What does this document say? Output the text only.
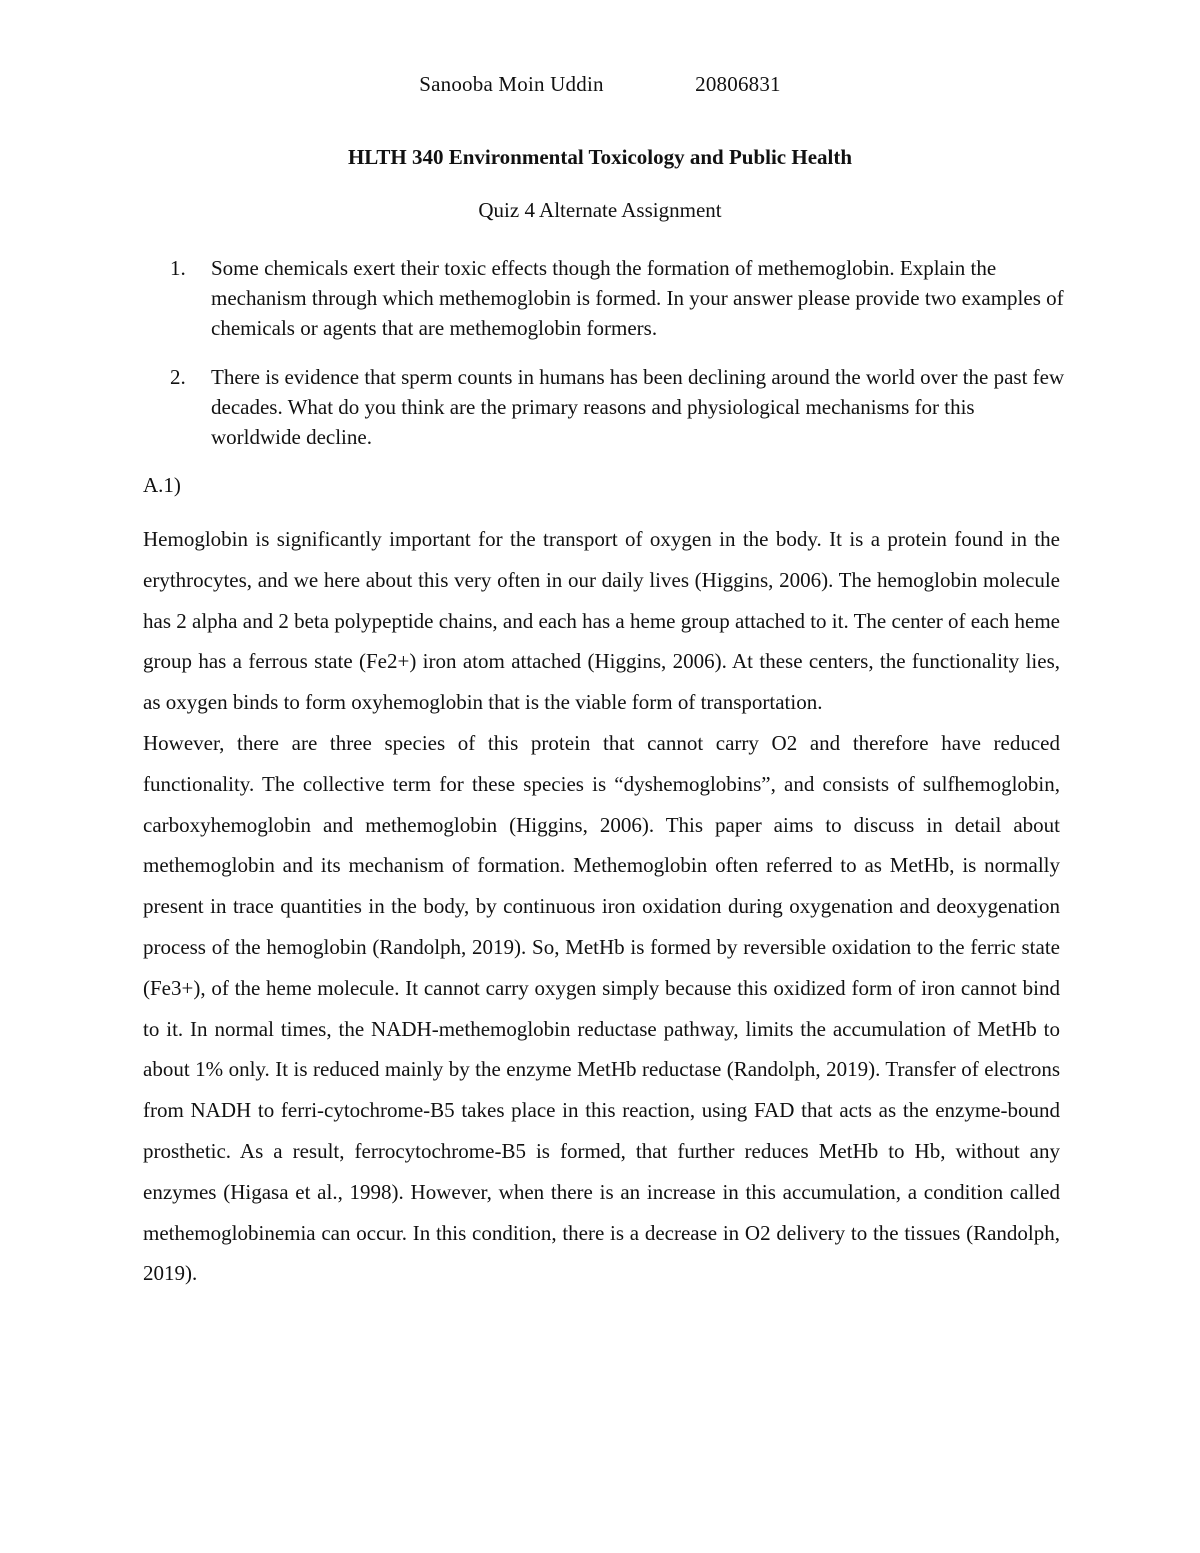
Sanooba Moin Uddin	20806831
HLTH 340 Environmental Toxicology and Public Health
Quiz 4 Alternate Assignment
1. Some chemicals exert their toxic effects though the formation of methemoglobin. Explain the mechanism through which methemoglobin is formed. In your answer please provide two examples of chemicals or agents that are methemoglobin formers.
2. There is evidence that sperm counts in humans has been declining around the world over the past few decades. What do you think are the primary reasons and physiological mechanisms for this worldwide decline.
A.1)

Hemoglobin is significantly important for the transport of oxygen in the body. It is a protein found in the erythrocytes, and we here about this very often in our daily lives (Higgins, 2006). The hemoglobin molecule has 2 alpha and 2 beta polypeptide chains, and each has a heme group attached to it. The center of each heme group has a ferrous state (Fe2+) iron atom attached (Higgins, 2006). At these centers, the functionality lies, as oxygen binds to form oxyhemoglobin that is the viable form of transportation.

However, there are three species of this protein that cannot carry O2 and therefore have reduced functionality. The collective term for these species is “dyshemoglobins”, and consists of sulfhemoglobin, carboxyhemoglobin and methemoglobin (Higgins, 2006). This paper aims to discuss in detail about methemoglobin and its mechanism of formation. Methemoglobin often referred to as MetHb, is normally present in trace quantities in the body, by continuous iron oxidation during oxygenation and deoxygenation process of the hemoglobin (Randolph, 2019). So, MetHb is formed by reversible oxidation to the ferric state (Fe3+), of the heme molecule. It cannot carry oxygen simply because this oxidized form of iron cannot bind to it. In normal times, the NADH-methemoglobin reductase pathway, limits the accumulation of MetHb to about 1% only. It is reduced mainly by the enzyme MetHb reductase (Randolph, 2019). Transfer of electrons from NADH to ferri-cytochrome-B5 takes place in this reaction, using FAD that acts as the enzyme-bound prosthetic. As a result, ferrocytochrome-B5 is formed, that further reduces MetHb to Hb, without any enzymes (Higasa et al., 1998). However, when there is an increase in this accumulation, a condition called methemoglobinemia can occur. In this condition, there is a decrease in O2 delivery to the tissues (Randolph, 2019).
